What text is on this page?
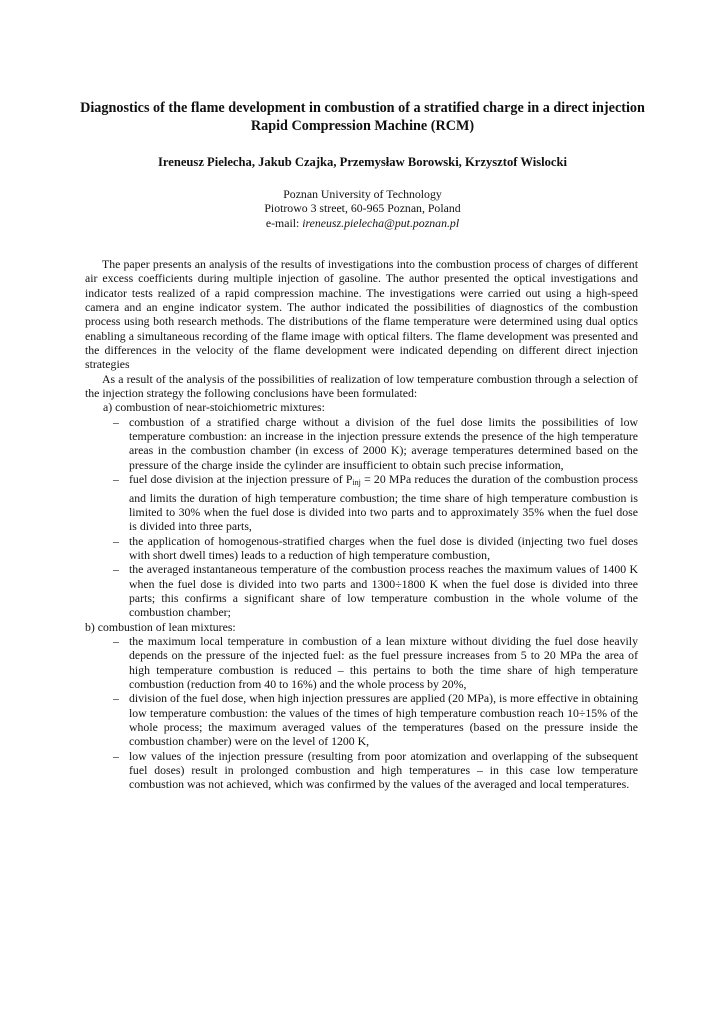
Diagnostics of the flame development in combustion of a stratified charge in a direct injection Rapid Compression Machine (RCM)
Ireneusz Pielecha, Jakub Czajka, Przemysław Borowski, Krzysztof Wislocki
Poznan University of Technology
Piotrowo 3 street, 60-965 Poznan, Poland
e-mail: ireneusz.pielecha@put.poznan.pl

The paper presents an analysis of the results of investigations into the combustion process of charges of different air excess coefficients during multiple injection of gasoline. The author presented the optical investigations and indicator tests realized of a rapid compression machine. The investigations were carried out using a high-speed camera and an engine indicator system. The author indicated the possibilities of diagnostics of the combustion process using both research methods. The distributions of the flame temperature were determined using dual optics enabling a simultaneous recording of the flame image with optical filters. The flame development was presented and the differences in the velocity of the flame development were indicated depending on different direct injection strategies

As a result of the analysis of the possibilities of realization of low temperature combustion through a selection of the injection strategy the following conclusions have been formulated:

a) combustion of near-stoichiometric mixtures:
– combustion of a stratified charge without a division of the fuel dose limits the possibilities of low temperature combustion: an increase in the injection pressure extends the presence of the high temperature areas in the combustion chamber (in excess of 2000 K); average temperatures determined based on the pressure of the charge inside the cylinder are insufficient to obtain such precise information,
– fuel dose division at the injection pressure of $P_{inj} = 20$ MPa reduces the duration of the combustion process and limits the duration of high temperature combustion; the time share of high temperature combustion is limited to 30% when the fuel dose is divided into two parts and to approximately 35% when the fuel dose is divided into three parts,
– the application of homogenous-stratified charges when the fuel dose is divided (injecting two fuel doses with short dwell times) leads to a reduction of high temperature combustion,
– the averaged instantaneous temperature of the combustion process reaches the maximum values of 1400 K when the fuel dose is divided into two parts and 1300÷1800 K when the fuel dose is divided into three parts; this confirms a significant share of low temperature combustion in the whole volume of the combustion chamber;
b) combustion of lean mixtures:
– the maximum local temperature in combustion of a lean mixture without dividing the fuel dose heavily depends on the pressure of the injected fuel: as the fuel pressure increases from 5 to 20 MPa the area of high temperature combustion is reduced – this pertains to both the time share of high temperature combustion (reduction from 40 to 16%) and the whole process by 20%,
– division of the fuel dose, when high injection pressures are applied (20 MPa), is more effective in obtaining low temperature combustion: the values of the times of high temperature combustion reach 10÷15% of the whole process; the maximum averaged values of the temperatures (based on the pressure inside the combustion chamber) were on the level of 1200 K,
– low values of the injection pressure (resulting from poor atomization and overlapping of the subsequent fuel doses) result in prolonged combustion and high temperatures – in this case low temperature combustion was not achieved, which was confirmed by the values of the averaged and local temperatures.
